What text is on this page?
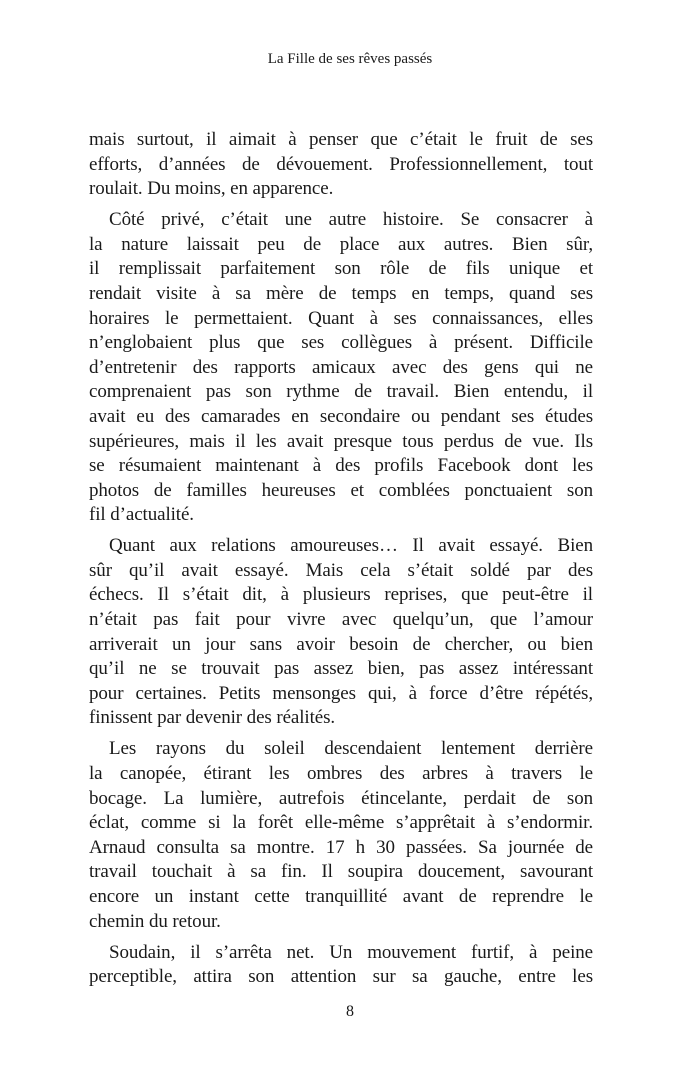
La Fille de ses rêves passés
mais surtout, il aimait à penser que c’était le fruit de ses
efforts, d’années de dévouement. Professionnellement, tout
roulait. Du moins, en apparence.
Côté privé, c’était une autre histoire. Se consacrer à
la nature laissait peu de place aux autres. Bien sûr,
il remplissait parfaitement son rôle de fils unique et
rendait visite à sa mère de temps en temps, quand ses
horaires le permettaient. Quant à ses connaissances, elles
n’englobaient plus que ses collègues à présent. Difficile
d’entretenir des rapports amicaux avec des gens qui ne
comprenaient pas son rythme de travail. Bien entendu, il
avait eu des camarades en secondaire ou pendant ses études
supérieures, mais il les avait presque tous perdus de vue. Ils
se résumaient maintenant à des profils Facebook dont les
photos de familles heureuses et comblées ponctuaient son
fil d’actualité.
Quant aux relations amoureuses… Il avait essayé. Bien
sûr qu’il avait essayé. Mais cela s’était soldé par des
échecs. Il s’était dit, à plusieurs reprises, que peut-être il
n’était pas fait pour vivre avec quelqu’un, que l’amour
arriverait un jour sans avoir besoin de chercher, ou bien
qu’il ne se trouvait pas assez bien, pas assez intéressant
pour certaines. Petits mensonges qui, à force d’être répétés,
finissent par devenir des réalités.
Les rayons du soleil descendaient lentement derrière
la canopée, étirant les ombres des arbres à travers le
bocage. La lumière, autrefois étincelante, perdait de son
éclat, comme si la forêt elle-même s’apprêtait à s’endormir.
Arnaud consulta sa montre. 17 h 30 passées. Sa journée de
travail touchait à sa fin. Il soupira doucement, savourant
encore un instant cette tranquillité avant de reprendre le
chemin du retour.
Soudain, il s’arrêta net. Un mouvement furtif, à peine
perceptible, attira son attention sur sa gauche, entre les
8
